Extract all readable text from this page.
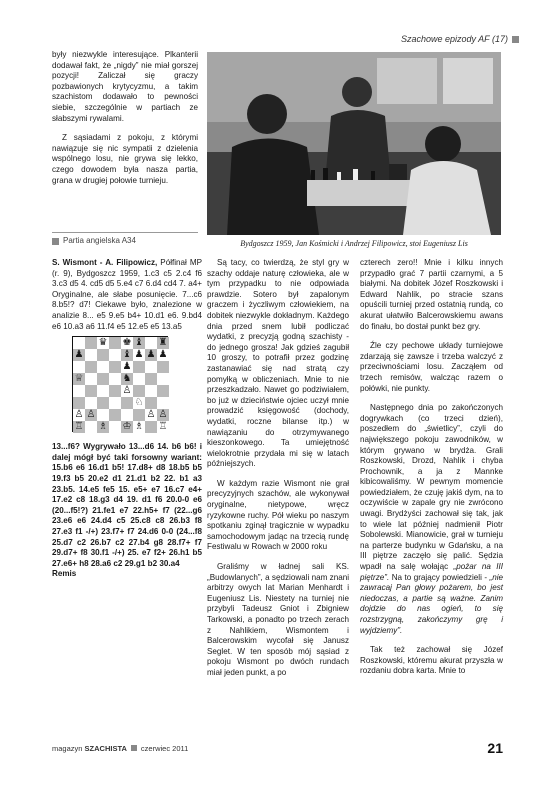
Szachowe epizody AF (17)

były niezwykle interesujące. Plkanterii dodawał fakt, że „nigdy” nie miał gorszej pozycji! Zaliczał się graczy pozbawionych krytycyzmu, a takim szachistom dodawało to pewności siebie, szczególnie w partiach ze słabszymi rywalami.

Z sąsiadami z pokoju, z którymi nawiązuje się nic sympatii z dzielenia wspólnego losu, nie grywa się lekko, czego dowodem była nasza partia, grana w drugiej połowie turnieju.

Partia angielska A34
S. Wismont - A. Filipowicz, Półfinał MP (r. 9), Bydgoszcz 1959, 1.c3 c5 2.c4 f6 3.c3 d5 4. cd5 d5 5.e4 c7 6.d4 cd4 7. a4+ Oryginalne, ale słabe posunięcie. 7...c6 8.b5!? d7! Ciekawe było, znalezione w analizie 8... e5 9.e5 b4+ 10.d1 e6. 9.bd4 e6 10.a3 a6 11.f4 e5 12.e5 e5 13.a5
♛ ♚ ♝ ♜
♟	♝ ♟ ♟ ♟
♟
♕	♞
♙
♘
♙ ♙	♙ ♙
♖ ♗ ♔ ♗ ♖
13...f6? Wygrywało 13...d6 14. b6 b6! i dalej mógł być taki forsowny wariant: 15.b6 e6 16.d1 b5! 17.d8+ d8 18.b5 b5 19.f3 b5 20.e2 d1 21.d1 b2 22. b1 a3 23.b5. 14.e5 fe5 15. e5+ e7 16.c7 e4+ 17.e2 c8 18.g3 d4 19. d1 f6 20.0-0 e6 (20...f5!?) 21.fe1 e7 22.h5+ f7 (22...g6 23.e6 e6 24.d4 c5 25.c8 c8 26.b3 f8 27.e3 f1 -/+) 23.f7+ f7 24.d6 0-0 (24...f8 25.d7 c2 26.b7 c2 27.b4 g8 28.f7+ f7 29.d7+ f8 30.f1 -/+) 25. e7 f2+ 26.h1 b5 27.e6+ h8 28.a6 c2 29.g1 b2 30.a4
Remis
Bydgoszcz 1959, Jan Kośmicki i Andrzej Filipowicz, stoi Eugeniusz Lis

Są tacy, co twierdzą, że styl gry w szachy oddaje naturę człowieka, ale w tym przypadku to nie odpowiada prawdzie. Sotero był zapalonym graczem i życzliwym człowiekiem, na dobitek niezwykle dokładnym. Każdego dnia przed snem lubił podliczać wydatki, z precyzją godną szachisty - do jednego grosza! Jak gdzieś zagubił 10 groszy, to potrafił przez godzinę zastanawiać się nad stratą czy pomyłką w obliczeniach. Mnie to nie przeszkadzało. Nawet go podziwiałem, bo już w dzieciństwie ojciec uczył mnie prowadzić księgowość (dochody, wydatki, roczne bilanse itp.) w nawiązaniu do otrzymywanego kieszonkowego. Ta umiejętność wielokrotnie przydała mi się w latach późniejszych.

W każdym razie Wismont nie grał precyzyjnych szachów, ale wykonywał oryginalne, nietypowe, wręcz ryzykowne ruchy. Pół wieku po naszym spotkaniu zginął tragicznie w wypadku samochodowym jadąc na trzecią rundę Festiwalu w Rowach w 2000 roku

Graliśmy w ładnej sali KS. „Budowlanych”, a sędziowali nam znani arbitrzy owych lat Marian Menhardt i Eugeniusz Lis. Niestety na turniej nie przybyli Tadeusz Gniot i Zbigniew Tarkowski, a ponadto po trzech zerach z Nahlikiem, Wismontem i Balcerowskim wycofał się Janusz Seglet. W ten sposób mój sąsiad z pokoju Wismont po dwóch rundach miał jeden punkt, a po

czterech zero!! Mnie i kilku innych przypadło grać 7 partii czarnymi, a 5 białymi. Na dobitek Józef Roszkowski i Edward Nahlik, po stracie szans opuścili turniej przed ostatnią rundą, co akurat ułatwiło Balcerowskiemu awans do finału, bo dostał punkt bez gry.

Źle czy pechowe układy turniejowe zdarzają się zawsze i trzeba walczyć z przeciwnościami losu. Zacząłem od trzech remisów, walcząc razem o połówki, nie punkty.

Następnego dnia po zakończonych dogrywkach (co trzeci dzień), poszedłem do „świetlicy”, czyli do największego pokoju zawodników, w którym grywano w brydża. Grali Roszkowski, Drozd, Nahlik i chyba Prochownik, a ja z Mannke kibicowaliśmy. W pewnym momencie powiedziałem, że czuję jakiś dym, na to oczywiście w zapale gry nie zwrócono uwagi. Brydżyści zachował się tak, jak to wiele lat później nadmienił Piotr Sobolewski. Mianowicie, grał w turnieju na parterze budynku w Gdańsku, a na III piętrze zaczęło się palić. Sędzia wpadł na salę wołając „pożar na III piętrze”. Na to grający powiedzieli - „nie zawracaj Pan głowy pożarem, bo jest niedoczas, a partie są ważne. Zanim dojdzie do nas ogień, to się rozstrzygną, zakończymy grę i wyjdziemy”.

Tak też zachował się Józef Roszkowski, któremu akurat przyszła w rozdaniu dobra karta. Mnie to

magazyn SZACHISTA czerwiec 2011	21
